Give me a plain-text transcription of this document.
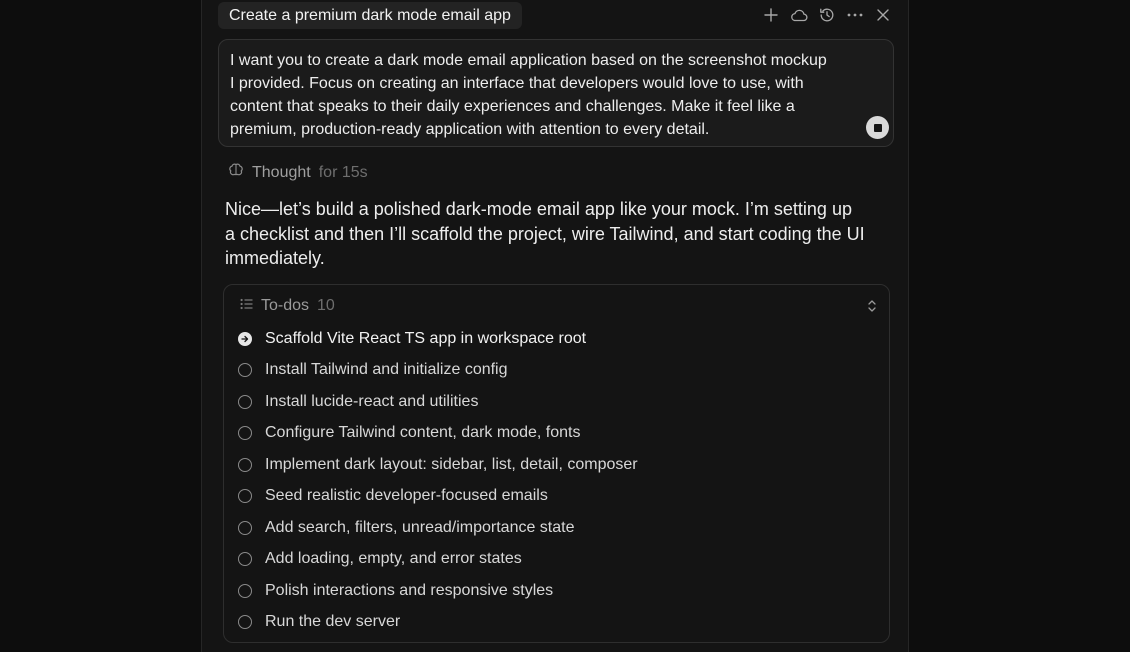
Create a premium dark mode email app
I want you to create a dark mode email application based on the screenshot mockup I provided. Focus on creating an interface that developers would love to use, with content that speaks to their daily experiences and challenges. Make it feel like a premium, production-ready application with attention to every detail.
Thought for 15s
Nice—let’s build a polished dark-mode email app like your mock. I’m setting up a checklist and then I’ll scaffold the project, wire Tailwind, and start coding the UI immediately.
To-dos 10
Scaffold Vite React TS app in workspace root
Install Tailwind and initialize config
Install lucide-react and utilities
Configure Tailwind content, dark mode, fonts
Implement dark layout: sidebar, list, detail, composer
Seed realistic developer-focused emails
Add search, filters, unread/importance state
Add loading, empty, and error states
Polish interactions and responsive styles
Run the dev server
